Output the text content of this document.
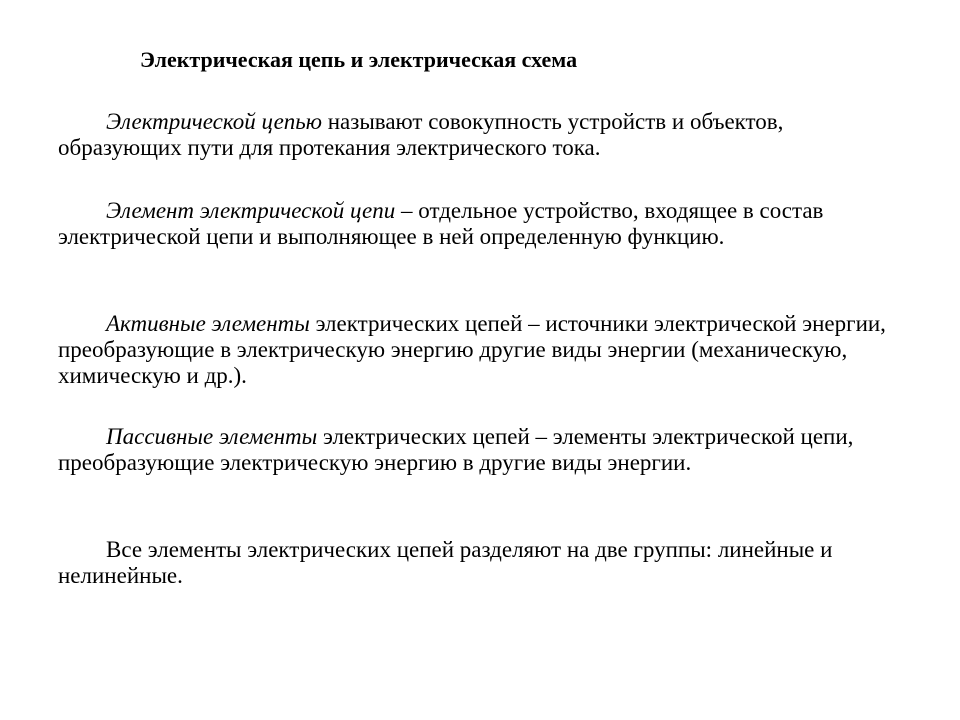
Электрическая цепь и электрическая схема

Электрической цепью называют совокупность устройств и объектов, образующих пути для протекания электрического тока.

Элемент электрической цепи – отдельное устройство, входящее в состав электрической цепи и выполняющее в ней определенную функцию.

Активные элементы электрических цепей – источники электрической энергии, преобразующие в электрическую энергию другие виды энергии (механическую, химическую и др.).

Пассивные элементы электрических цепей – элементы электрической цепи, преобразующие электрическую энергию в другие виды энергии.

Все элементы электрических цепей разделяют на две группы: линейные и нелинейные.
